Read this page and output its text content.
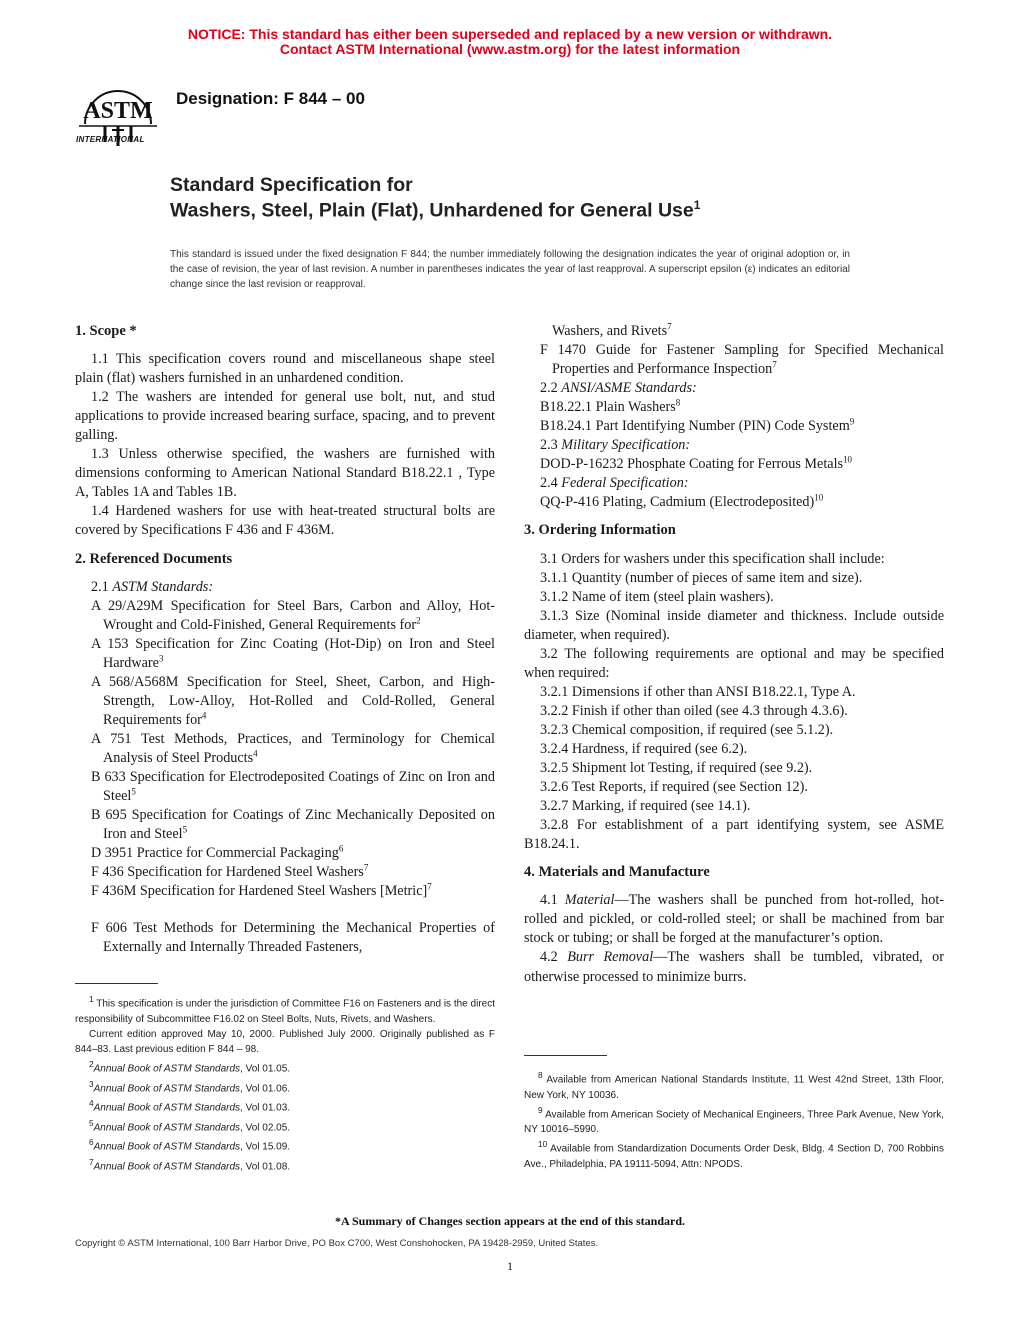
NOTICE: This standard has either been superseded and replaced by a new version or withdrawn.
Contact ASTM International (www.astm.org) for the latest information
ASTM
INTERNATIONAL
Designation: F 844 – 00
Standard Specification for
Washers, Steel, Plain (Flat), Unhardened for General Use$^1$
This standard is issued under the fixed designation F 844; the number immediately following the designation indicates the year of original adoption or, in the case of revision, the year of last revision. A number in parentheses indicates the year of last reapproval. A superscript epsilon (ε) indicates an editorial change since the last revision or reapproval.
1. Scope *

1.1 This specification covers round and miscellaneous shape steel plain (flat) washers furnished in an unhardened condition.

1.2 The washers are intended for general use bolt, nut, and stud applications to provide increased bearing surface, spacing, and to prevent galling.

1.3 Unless otherwise specified, the washers are furnished with dimensions conforming to American National Standard B18.22.1 , Type A, Tables 1A and Tables 1B.

1.4 Hardened washers for use with heat-treated structural bolts are covered by Specifications F 436 and F 436M.

2. Referenced Documents

2.1 ASTM Standards:

A 29/A29M Specification for Steel Bars, Carbon and Alloy, Hot-Wrought and Cold-Finished, General Requirements for$^2$

A 153 Specification for Zinc Coating (Hot-Dip) on Iron and Steel Hardware$^3$

A 568/A568M Specification for Steel, Sheet, Carbon, and High-Strength, Low-Alloy, Hot-Rolled and Cold-Rolled, General Requirements for$^4$

A 751 Test Methods, Practices, and Terminology for Chemical Analysis of Steel Products$^4$

B 633 Specification for Electrodeposited Coatings of Zinc on Iron and Steel$^5$

B 695 Specification for Coatings of Zinc Mechanically Deposited on Iron and Steel$^5$

D 3951 Practice for Commercial Packaging$^6$

F 436 Specification for Hardened Steel Washers$^7$

F 436M Specification for Hardened Steel Washers [Metric]$^7$

F 606 Test Methods for Determining the Mechanical Properties of Externally and Internally Threaded Fasteners,

$^1$ This specification is under the jurisdiction of Committee F16 on Fasteners and is the direct responsibility of Subcommittee F16.02 on Steel Bolts, Nuts, Rivets, and Washers.

Current edition approved May 10, 2000. Published July 2000. Originally published as F 844–83. Last previous edition F 844 – 98.

$^2$Annual Book of ASTM Standards, Vol 01.05.

$^3$Annual Book of ASTM Standards, Vol 01.06.

$^4$Annual Book of ASTM Standards, Vol 01.03.

$^5$Annual Book of ASTM Standards, Vol 02.05.

$^6$Annual Book of ASTM Standards, Vol 15.09.

$^7$Annual Book of ASTM Standards, Vol 01.08.

Washers, and Rivets$^7$

F 1470 Guide for Fastener Sampling for Specified Mechanical Properties and Performance Inspection$^7$

2.2 ANSI/ASME Standards:

B18.22.1 Plain Washers$^8$

B18.24.1 Part Identifying Number (PIN) Code System$^9$

2.3 Military Specification:

DOD-P-16232 Phosphate Coating for Ferrous Metals$^{10}$

2.4 Federal Specification:

QQ-P-416 Plating, Cadmium (Electrodeposited)$^{10}$

3. Ordering Information

3.1 Orders for washers under this specification shall include:

3.1.1 Quantity (number of pieces of same item and size).

3.1.2 Name of item (steel plain washers).

3.1.3 Size (Nominal inside diameter and thickness. Include outside diameter, when required).

3.2 The following requirements are optional and may be specified when required:

3.2.1 Dimensions if other than ANSI B18.22.1, Type A.

3.2.2 Finish if other than oiled (see 4.3 through 4.3.6).

3.2.3 Chemical composition, if required (see 5.1.2).

3.2.4 Hardness, if required (see 6.2).

3.2.5 Shipment lot Testing, if required (see 9.2).

3.2.6 Test Reports, if required (see Section 12).

3.2.7 Marking, if required (see 14.1).

3.2.8 For establishment of a part identifying system, see ASME B18.24.1.

4. Materials and Manufacture

4.1 Material—The washers shall be punched from hot-rolled, hot-rolled and pickled, or cold-rolled steel; or shall be machined from bar stock or tubing; or shall be forged at the manufacturer’s option.

4.2 Burr Removal—The washers shall be tumbled, vibrated, or otherwise processed to minimize burrs.

$^8$ Available from American National Standards Institute, 11 West 42nd Street, 13th Floor, New York, NY 10036.

$^9$ Available from American Society of Mechanical Engineers, Three Park Avenue, New York, NY 10016–5990.

$^{10}$ Available from Standardization Documents Order Desk, Bldg. 4 Section D, 700 Robbins Ave., Philadelphia, PA 19111-5094, Attn: NPODS.

*A Summary of Changes section appears at the end of this standard.
Copyright © ASTM International, 100 Barr Harbor Drive, PO Box C700, West Conshohocken, PA 19428-2959, United States.
1
